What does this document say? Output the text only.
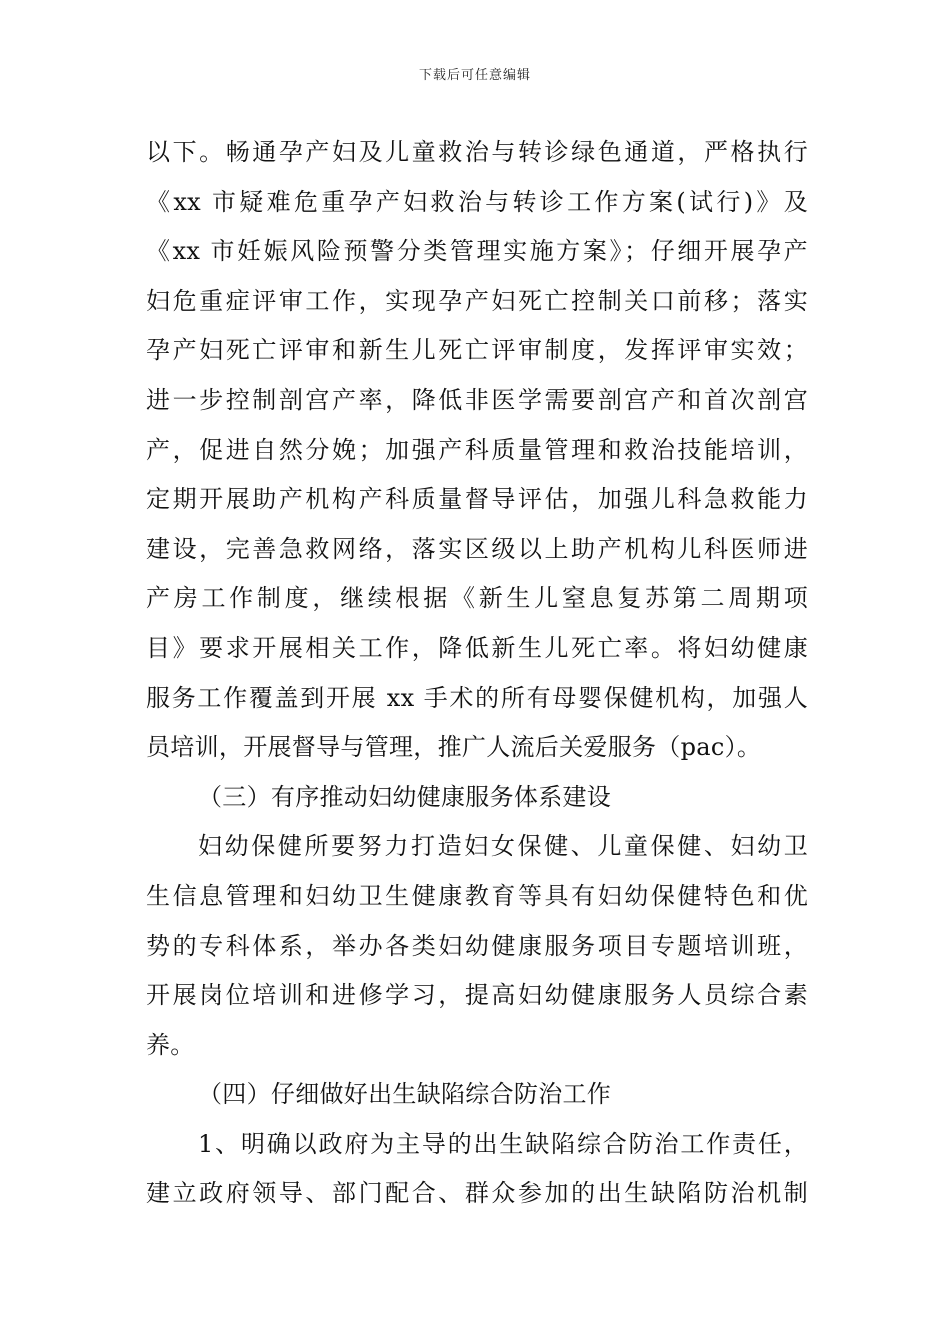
下载后可任意编辑
以下。畅通孕产妇及儿童救治与转诊绿色通道，严格执行
《xx 市疑难危重孕产妇救治与转诊工作方案(试行)》及
《xx 市妊娠风险预警分类管理实施方案》；仔细开展孕产
妇危重症评审工作，实现孕产妇死亡控制关口前移；落实
孕产妇死亡评审和新生儿死亡评审制度，发挥评审实效；
进一步控制剖宫产率，降低非医学需要剖宫产和首次剖宫
产，促进自然分娩；加强产科质量管理和救治技能培训，
定期开展助产机构产科质量督导评估，加强儿科急救能力
建设，完善急救网络，落实区级以上助产机构儿科医师进
产房工作制度，继续根据《新生儿窒息复苏第二周期项
目》要求开展相关工作，降低新生儿死亡率。将妇幼健康
服务工作覆盖到开展 xx 手术的所有母婴保健机构，加强人
员培训，开展督导与管理，推广人流后关爱服务（pac）。
（三）有序推动妇幼健康服务体系建设
妇幼保健所要努力打造妇女保健、儿童保健、妇幼卫
生信息管理和妇幼卫生健康教育等具有妇幼保健特色和优
势的专科体系，举办各类妇幼健康服务项目专题培训班，
开展岗位培训和进修学习，提高妇幼健康服务人员综合素
养。
（四）仔细做好出生缺陷综合防治工作
1、明确以政府为主导的出生缺陷综合防治工作责任，
建立政府领导、部门配合、群众参加的出生缺陷防治机制
